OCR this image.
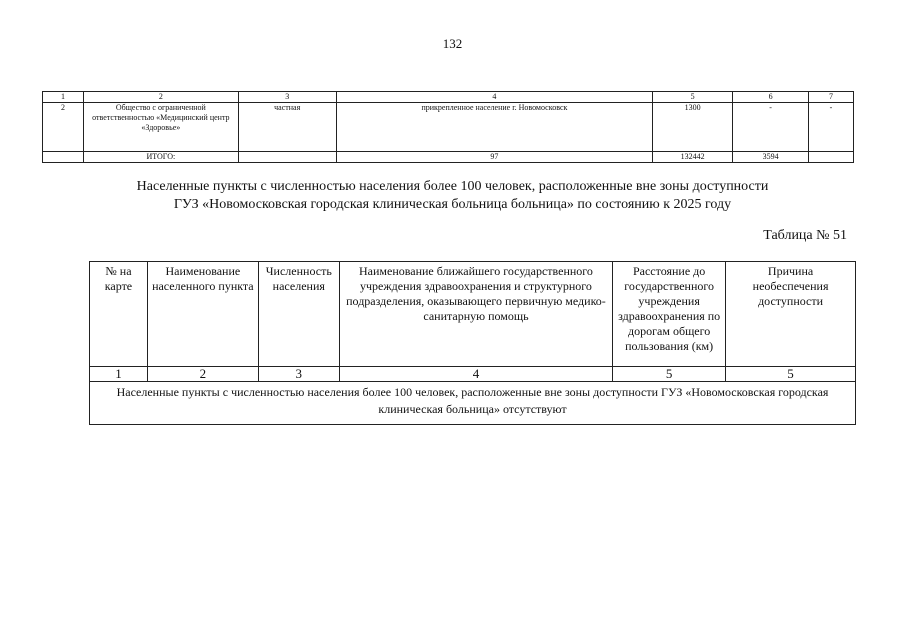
132
1	2	3	4	5	6	7
2	Общество с ограниченной ответственностью «Медицинский центр «Здоровье»	частная	прикрепленное население г. Новомосковск	1300	-	-
	ИТОГО:		97	132442	3594	
Населенные пункты с численностью населения более 100 человек, расположенные вне зоны доступности
ГУЗ «Новомосковская городская клиническая больница больница» по состоянию к 2025 году
Таблица № 51
№ на карте	Наименование населенного пункта	Численность населения	Наименование ближайшего государственного учреждения здравоохранения и структурного подразделения, оказывающего первичную медико-санитарную помощь	Расстояние до государственного учреждения здравоохранения по дорогам общего пользования (км)	Причина необеспечения доступности
1	2	3	4	5	5
Населенные пункты с численностью населения более 100 человек, расположенные вне зоны доступности ГУЗ «Новомосковская городская клиническая больница» отсутствуют					
